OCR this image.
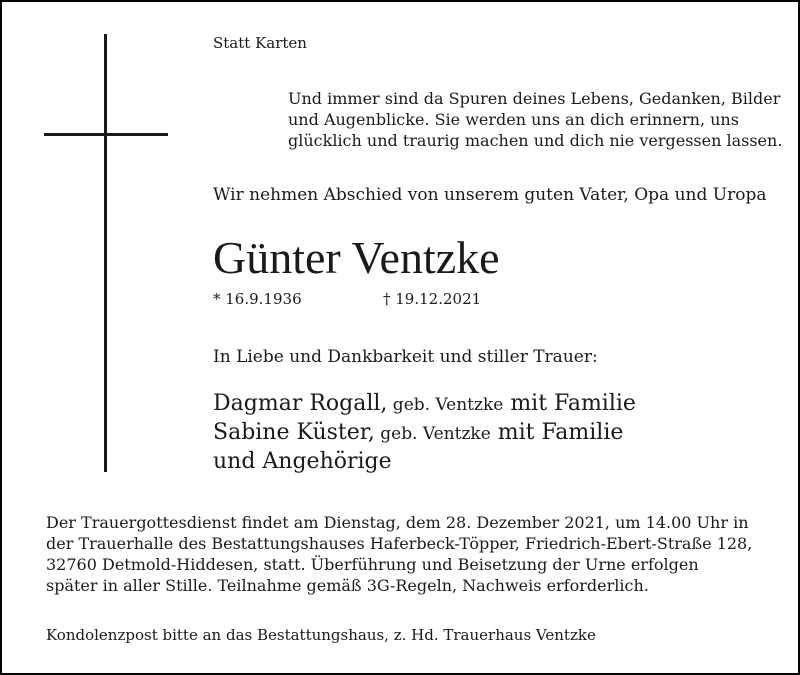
Statt Karten

Und immer sind da Spuren deines Lebens, Gedanken, Bilder
und Augenblicke. Sie werden uns an dich erinnern, uns
glücklich und traurig machen und dich nie vergessen lassen.

Wir nehmen Abschied von unserem guten Vater, Opa und Uropa

Günter Ventzke

* 16.9.1936	† 19.12.2021

In Liebe und Dankbarkeit und stiller Trauer:

Dagmar Rogall, geb. Ventzke mit Familie
Sabine Küster, geb. Ventzke mit Familie
und Angehörige
Der Trauergottesdienst findet am Dienstag, dem 28. Dezember 2021, um 14.00 Uhr in
der Trauerhalle des Bestattungshauses Haferbeck-Töpper, Friedrich-Ebert-Straße 128,
32760 Detmold-Hiddesen, statt. Überführung und Beisetzung der Urne erfolgen
später in aller Stille. Teilnahme gemäß 3G-Regeln, Nachweis erforderlich.

Kondolenzpost bitte an das Bestattungshaus, z. Hd. Trauerhaus Ventzke
